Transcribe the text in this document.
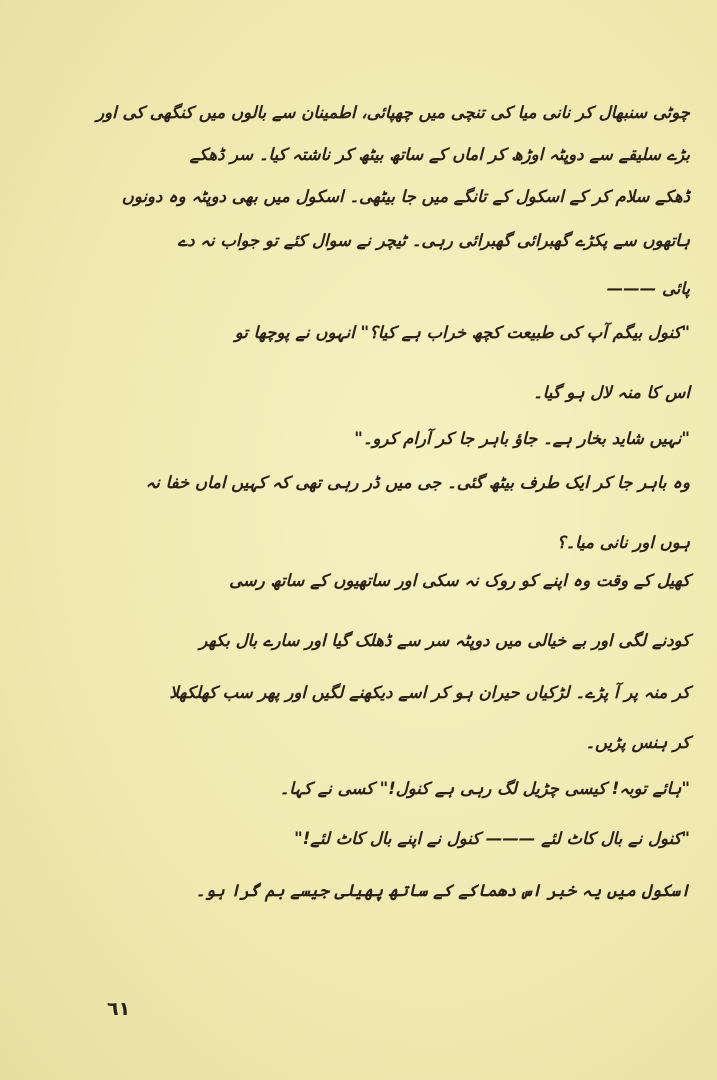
چوٹی سنبھال کر نانی میا کی تنچی میں چھپائی، اطمینان سے بالوں میں کنگھی کی اور
بڑے سلیقے سے دوپٹہ اوڑھ کر اماں کے ساتھ بیٹھ کر ناشتہ کیا۔ سر ڈھکے
ڈھکے سلام کر کے اسکول کے تانگے میں جا بیٹھی۔ اسکول میں بھی دوپٹہ وہ دونوں
ہاتھوں سے پکڑے گھبرائی گھبرائی رہی۔ ٹیچر نے سوال کئے تو جواب نہ دے
پائی ———
"کنول بیگم آپ کی طبیعت کچھ خراب ہے کیا؟" انہوں نے پوچھا تو
اس کا منہ لال ہو گیا۔
"نہیں شاید بخار ہے۔ جاؤ باہر جا کر آرام کرو۔"
وہ باہر جا کر ایک طرف بیٹھ گئی۔ جی میں ڈر رہی تھی کہ کہیں اماں خفا نہ
ہوں اور نانی میا۔؟
کھیل کے وقت وہ اپنے کو روک نہ سکی اور ساتھیوں کے ساتھ رسی
کودنے لگی اور بے خیالی میں دوپٹہ سر سے ڈھلک گیا اور سارے بال بکھر
کر منہ پر آ پڑے۔ لڑکیاں حیران ہو کر اسے دیکھنے لگیں اور پھر سب کھلکھلا
کر ہنس پڑیں۔
"ہائے توبہ! کیسی چڑیل لگ رہی ہے کنول!" کسی نے کہا۔
"کنول نے بال کاٹ لئے ——— کنول نے اپنے بال کاٹ لئے!"
اسکول میں یہ خبر اس دھماکے کے ساتھ پھیلی جیسے بم گرا ہو۔
٦١
